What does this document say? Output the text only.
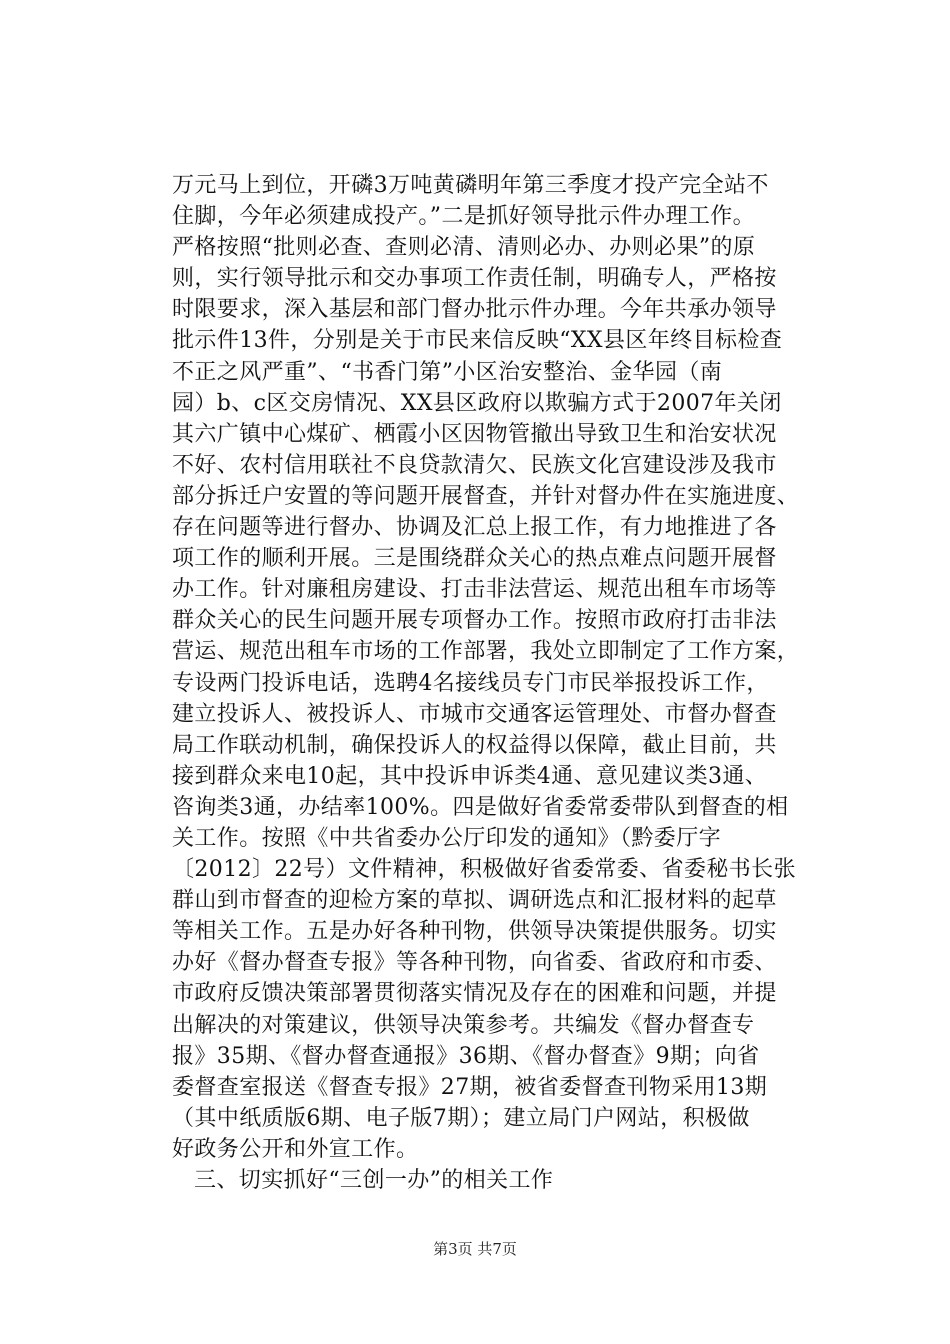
万元马上到位，开磷3万吨黄磷明年第三季度才投产完全站不
住脚，今年必须建成投产。”二是抓好领导批示件办理工作。
严格按照“批则必查、查则必清、清则必办、办则必果”的原
则，实行领导批示和交办事项工作责任制，明确专人，严格按
时限要求，深入基层和部门督办批示件办理。今年共承办领导
批示件13件，分别是关于市民来信反映“XX县区年终目标检查
不正之风严重”、“书香门第”小区治安整治、金华园（南
园）b、c区交房情况、XX县区政府以欺骗方式于2007年关闭
其六广镇中心煤矿、栖霞小区因物管撤出导致卫生和治安状况
不好、农村信用联社不良贷款清欠、民族文化宫建设涉及我市
部分拆迁户安置的等问题开展督查，并针对督办件在实施进度、
存在问题等进行督办、协调及汇总上报工作，有力地推进了各
项工作的顺利开展。三是围绕群众关心的热点难点问题开展督
办工作。针对廉租房建设、打击非法营运、规范出租车市场等
群众关心的民生问题开展专项督办工作。按照市政府打击非法
营运、规范出租车市场的工作部署，我处立即制定了工作方案，
专设两门投诉电话，选聘4名接线员专门市民举报投诉工作，
建立投诉人、被投诉人、市城市交通客运管理处、市督办督查
局工作联动机制，确保投诉人的权益得以保障，截止目前，共
接到群众来电10起，其中投诉申诉类4通、意见建议类3通、
咨询类3通，办结率100%。四是做好省委常委带队到督查的相
关工作。按照《中共省委办公厅印发的通知》（黔委厅字
〔2012〕22号）文件精神，积极做好省委常委、省委秘书长张
群山到市督查的迎检方案的草拟、调研选点和汇报材料的起草
等相关工作。五是办好各种刊物，供领导决策提供服务。切实
办好《督办督查专报》等各种刊物，向省委、省政府和市委、
市政府反馈决策部署贯彻落实情况及存在的困难和问题，并提
出解决的对策建议，供领导决策参考。共编发《督办督查专
报》35期、《督办督查通报》36期、《督办督查》9期；向省
委督查室报送《督查专报》27期，被省委督查刊物采用13期
（其中纸质版6期、电子版7期）；建立局门户网站，积极做
好政务公开和外宣工作。
三、切实抓好“三创一办”的相关工作
第3页 共7页
